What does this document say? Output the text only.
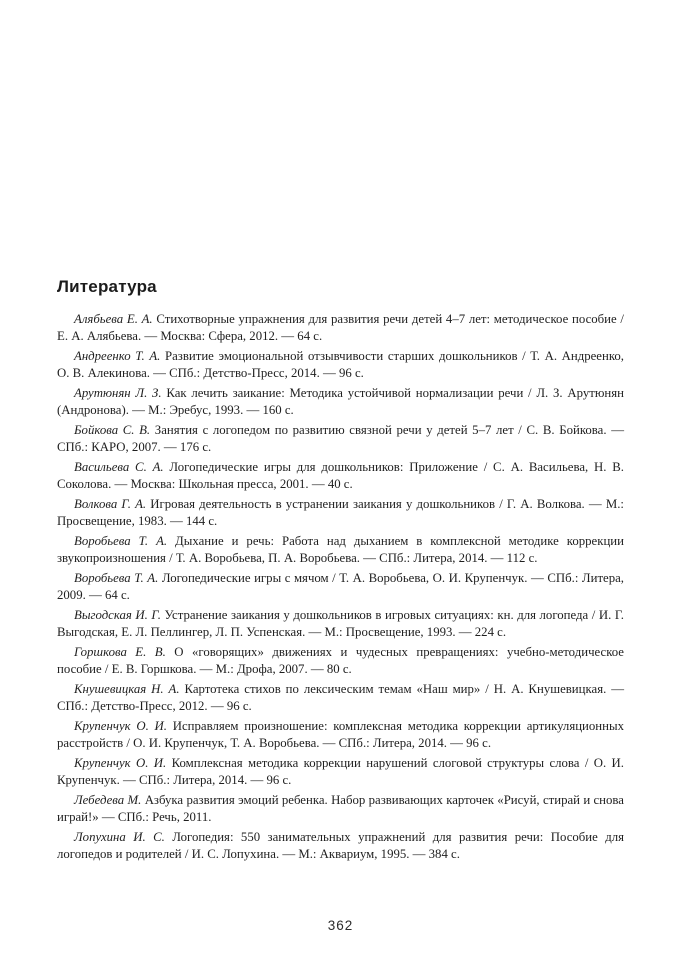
Литература

Алябьева Е. А. Стихотворные упражнения для развития речи детей 4–7 лет: методическое пособие / Е. А. Алябьева. — Москва: Сфера, 2012. — 64 с.

Андреенко Т. А. Развитие эмоциональной отзывчивости старших дошкольников / Т. А. Андреенко, О. В. Алекинова. — СПб.: Детство-Пресс, 2014. — 96 с.

Арутюнян Л. З. Как лечить заикание: Методика устойчивой нормализации речи / Л. З. Арутюнян (Андронова). — М.: Эребус, 1993. — 160 с.

Бойкова С. В. Занятия с логопедом по развитию связной речи у детей 5–7 лет / С. В. Бойкова. — СПб.: КАРО, 2007. — 176 с.

Васильева С. А. Логопедические игры для дошкольников: Приложение / С. А. Васильева, Н. В. Соколова. — Москва: Школьная пресса, 2001. — 40 с.

Волкова Г. А. Игровая деятельность в устранении заикания у дошкольников / Г. А. Волкова. — М.: Просвещение, 1983. — 144 с.

Воробьева Т. А. Дыхание и речь: Работа над дыханием в комплексной методике коррекции звукопроизношения / Т. А. Воробьева, П. А. Воробьева. — СПб.: Литера, 2014. — 112 с.

Воробьева Т. А. Логопедические игры с мячом / Т. А. Воробьева, О. И. Крупенчук. — СПб.: Литера, 2009. — 64 с.

Выгодская И. Г. Устранение заикания у дошкольников в игровых ситуациях: кн. для логопеда / И. Г. Выгодская, Е. Л. Пеллингер, Л. П. Успенская. — М.: Просвещение, 1993. — 224 с.

Горшкова Е. В. О «говорящих» движениях и чудесных превращениях: учебно-методическое пособие / Е. В. Горшкова. — М.: Дрофа, 2007. — 80 с.

Кнушевицкая Н. А. Картотека стихов по лексическим темам «Наш мир» / Н. А. Кнушевицкая. — СПб.: Детство-Пресс, 2012. — 96 с.

Крупенчук О. И. Исправляем произношение: комплексная методика коррекции артикуляционных расстройств / О. И. Крупенчук, Т. А. Воробьева. — СПб.: Литера, 2014. — 96 с.

Крупенчук О. И. Комплексная методика коррекции нарушений слоговой структуры слова / О. И. Крупенчук. — СПб.: Литера, 2014. — 96 с.

Лебедева М. Азбука развития эмоций ребенка. Набор развивающих карточек «Рисуй, стирай и снова играй!» — СПб.: Речь, 2011.

Лопухина И. С. Логопедия: 550 занимательных упражнений для развития речи: Пособие для логопедов и родителей / И. С. Лопухина. — М.: Аквариум, 1995. — 384 с.

362
